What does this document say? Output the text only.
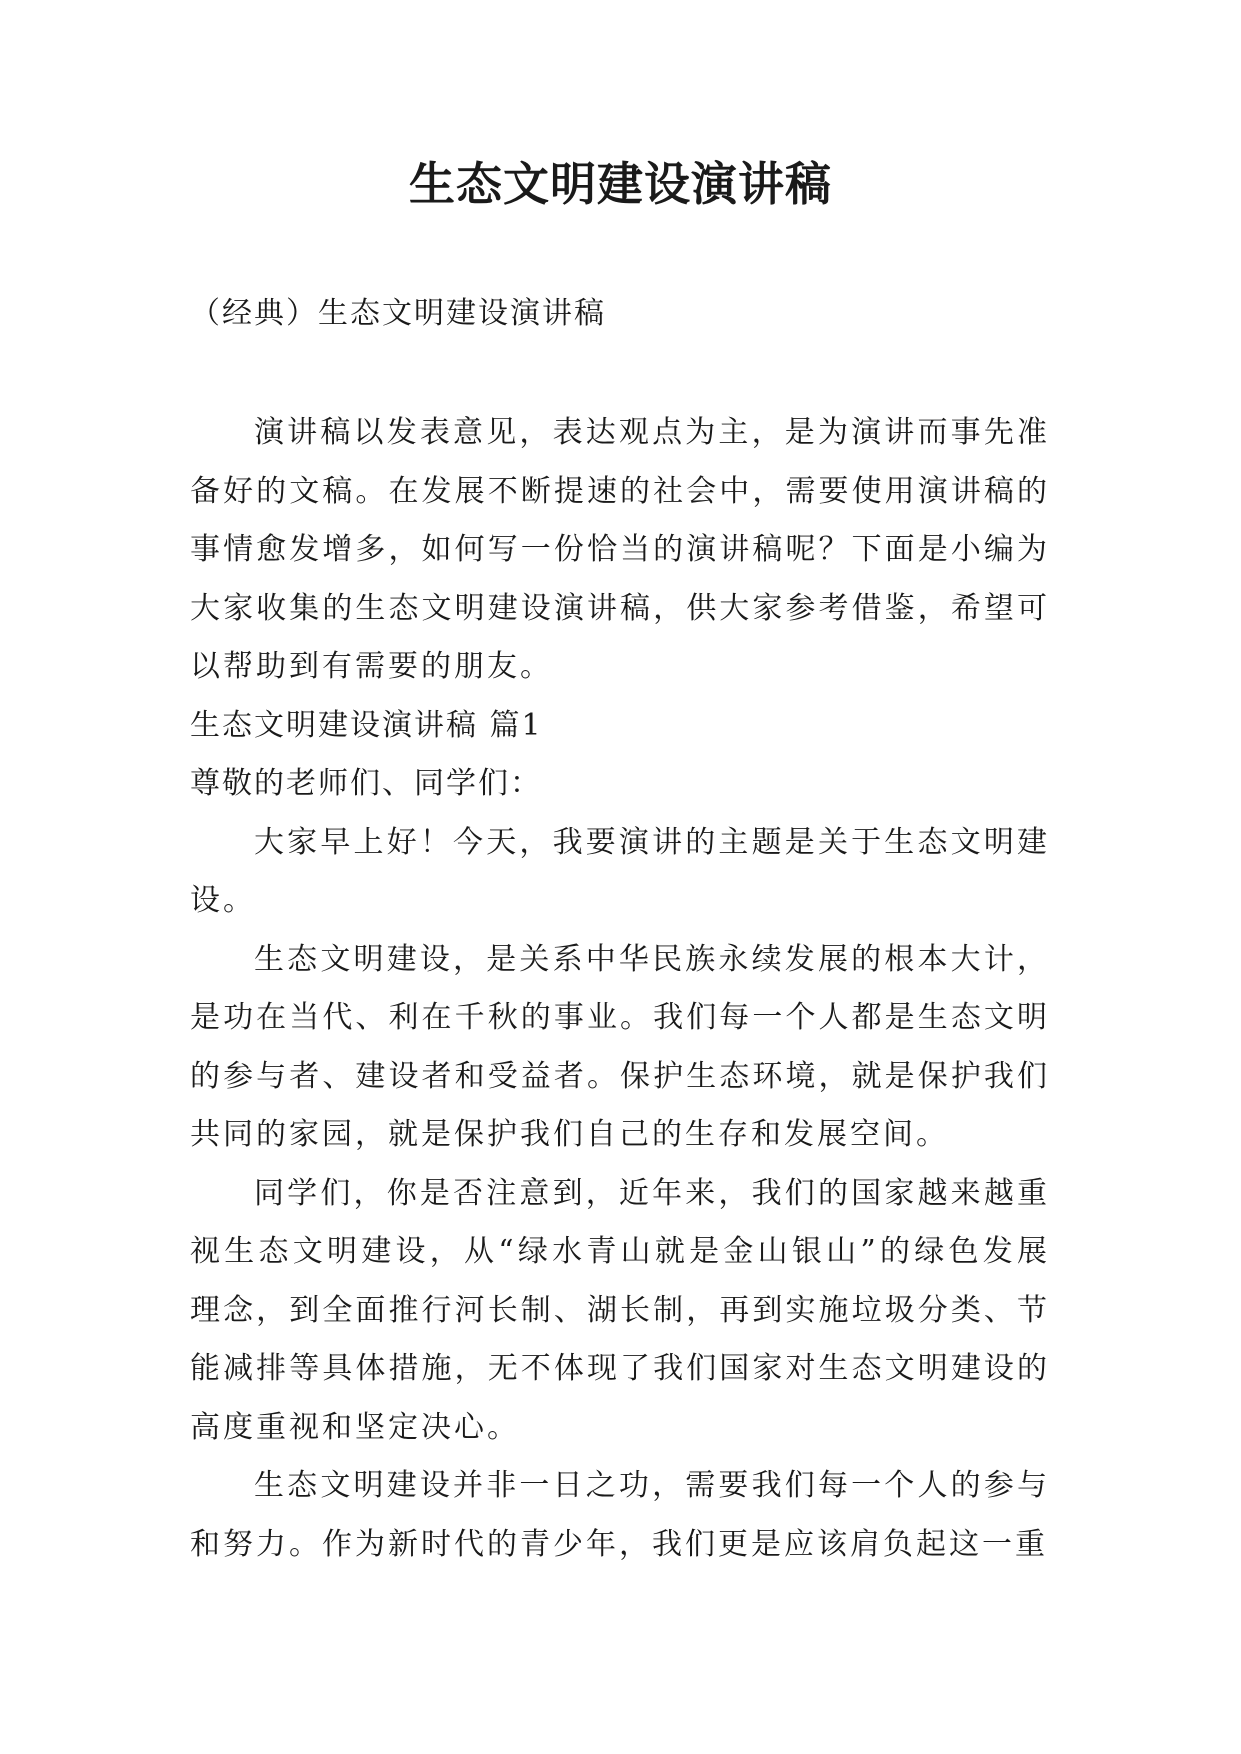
生态文明建设演讲稿

（经典）生态文明建设演讲稿

演讲稿以发表意见，表达观点为主，是为演讲而事先准备好的文稿。在发展不断提速的社会中，需要使用演讲稿的事情愈发增多，如何写一份恰当的演讲稿呢？下面是小编为大家收集的生态文明建设演讲稿，供大家参考借鉴，希望可以帮助到有需要的朋友。

生态文明建设演讲稿 篇1

尊敬的老师们、同学们：

大家早上好！今天，我要演讲的主题是关于生态文明建设。

生态文明建设，是关系中华民族永续发展的根本大计，是功在当代、利在千秋的事业。我们每一个人都是生态文明的参与者、建设者和受益者。保护生态环境，就是保护我们共同的家园，就是保护我们自己的生存和发展空间。

同学们，你是否注意到，近年来，我们的国家越来越重视生态文明建设，从“绿水青山就是金山银山”的绿色发展理念，到全面推行河长制、湖长制，再到实施垃圾分类、节能减排等具体措施，无不体现了我们国家对生态文明建设的高度重视和坚定决心。

生态文明建设并非一日之功，需要我们每一个人的参与和努力。作为新时代的青少年，我们更是应该肩负起这一重
